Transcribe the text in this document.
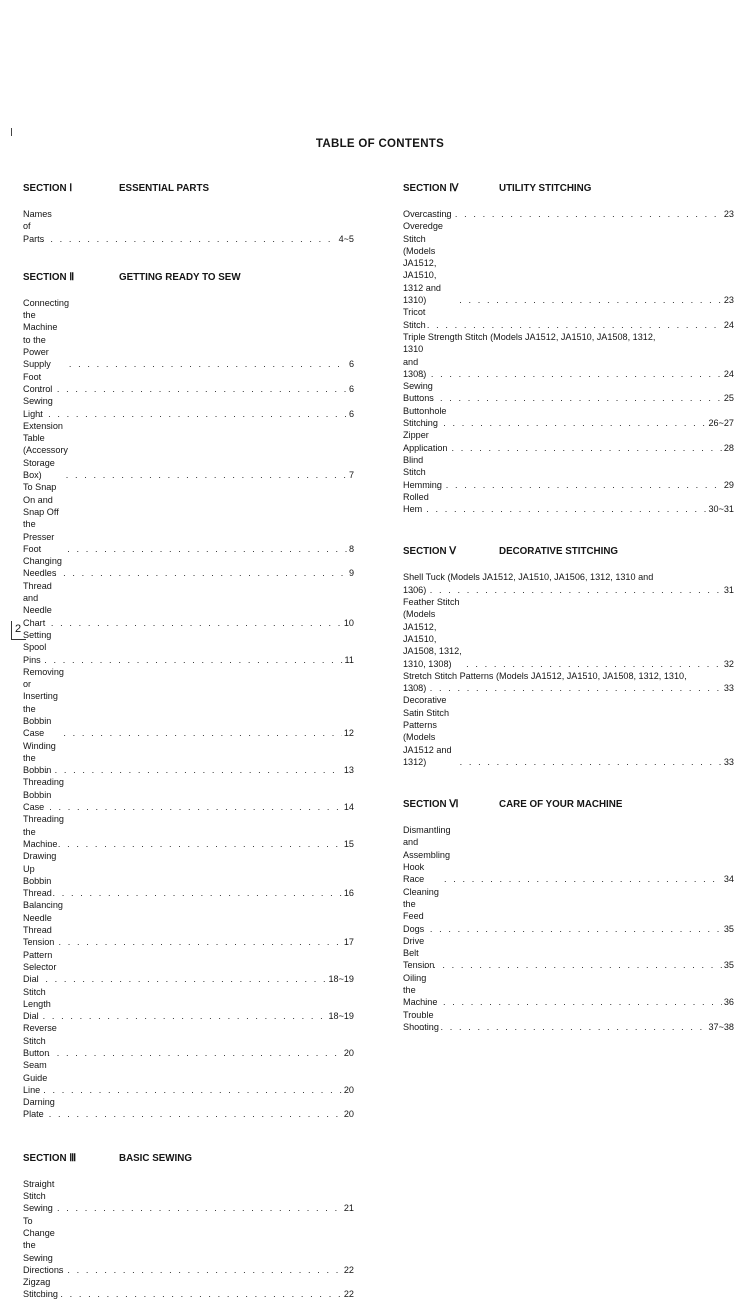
TABLE OF CONTENTS
SECTION Ⅰ	ESSENTIAL PARTS
Names of Parts . . .	4~5
SECTION Ⅱ	GETTING READY TO SEW
Connecting the Machine to the Power Supply . . .	6
Foot Control . . .	6
Sewing Light . . .	6
Extension Table (Accessory Storage Box) . . .	7
To Snap On and Snap Off the Presser Foot . . .	8
Changing Needles . . .	9
Thread and Needle Chart . . .	10
Setting Spool Pins . . .	11
Removing or Inserting the Bobbin Case . . .	12
Winding the Bobbin . . .	13
Threading Bobbin Case . . .	14
Threading the Machine . . .	15
Drawing Up Bobbin Thread . . .	16
Balancing Needle Thread Tension . . .	17
Pattern Selector Dial . . .	18~19
Stitch Length Dial . . .	18~19
Reverse Stitch Button . . .	20
Seam Guide Line . . .	20
Darning Plate . . .	20
SECTION Ⅲ	BASIC SEWING
Straight Stitch Sewing . . .	21
To Change the Sewing Directions . . .	22
Zigzag Stitching . . .	22
SECTION Ⅳ	UTILITY STITCHING
Overcasting . . .	23
Overedge Stitch (Models JA1512, JA1510, 1312 and 1310) . . .	23
Tricot Stitch . . .	24
Triple Strength Stitch (Models JA1512, JA1510, JA1508, 1312,
1310 and 1308) . . .	24
Sewing Buttons . . .	25
Buttonhole Stitching . . .	26~27
Zipper Application . . .	28
Blind Stitch Hemming . . .	29
Rolled Hem . . .	30~31
SECTION Ⅴ	DECORATIVE STITCHING
Shell Tuck (Models JA1512, JA1510, JA1506, 1312, 1310 and
1306) . . .	31
Feather Stitch (Models JA1512, JA1510, JA1508, 1312, 1310, 1308) . . .	32
Stretch Stitch Patterns (Models JA1512, JA1510, JA1508, 1312, 1310,
1308) . . .	33
Decorative Satin Stitch Patterns (Models JA1512 and 1312) . . .	33
SECTION Ⅵ	CARE OF YOUR MACHINE
Dismantling and Assembling Hook Race . . .	34
Cleaning the Feed Dogs . . .	35
Drive Belt Tension . . .	35
Oiling the Machine . . .	36
Trouble Shooting . . .	37~38
2
